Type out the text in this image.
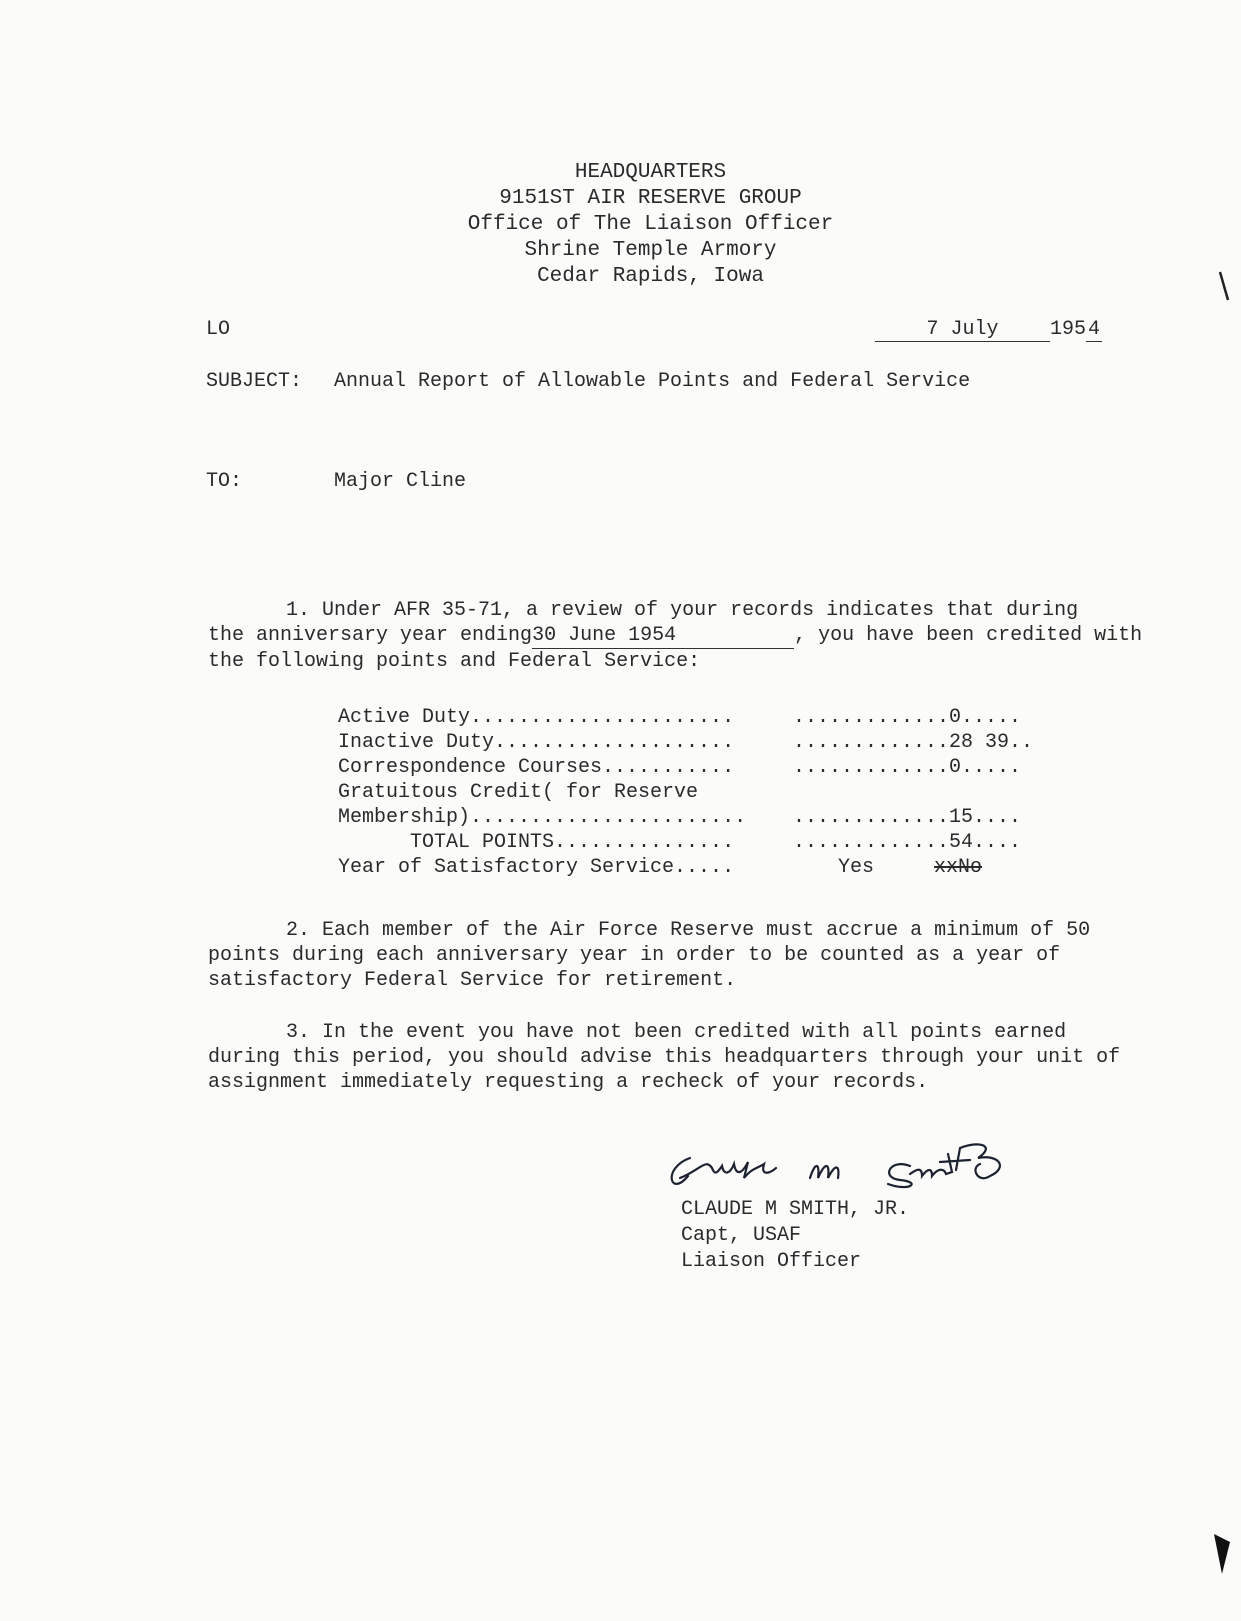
HEADQUARTERS
9151ST AIR RESERVE GROUP
Office of The Liaison Officer
Shrine Temple Armory
Cedar Rapids, Iowa
LO	7 July	195 4
SUBJECT: Annual Report of Allowable Points and Federal Service
TO:	Major Cline
1. Under AFR 35-71, a review of your records indicates that during
the anniversary year ending30 June 1954	, you have been credited with
the following points and Federal Service:
Active Duty......................	.............0.....
Inactive Duty....................	.............28 39..
Correspondence Courses...........	.............0.....
Gratuitous Credit( for Reserve	
Membership).......................	.............15....
TOTAL POINTS...............	.............54....
Year of Satisfactory Service.....	Yes xxNo
2. Each member of the Air Force Reserve must accrue a minimum of 50
points during each anniversary year in order to be counted as a year of
satisfactory Federal Service for retirement.
3. In the event you have not been credited with all points earned
during this period, you should advise this headquarters through your unit of
assignment immediately requesting a recheck of your records.
CLAUDE M SMITH, JR.
Capt, USAF
Liaison Officer
